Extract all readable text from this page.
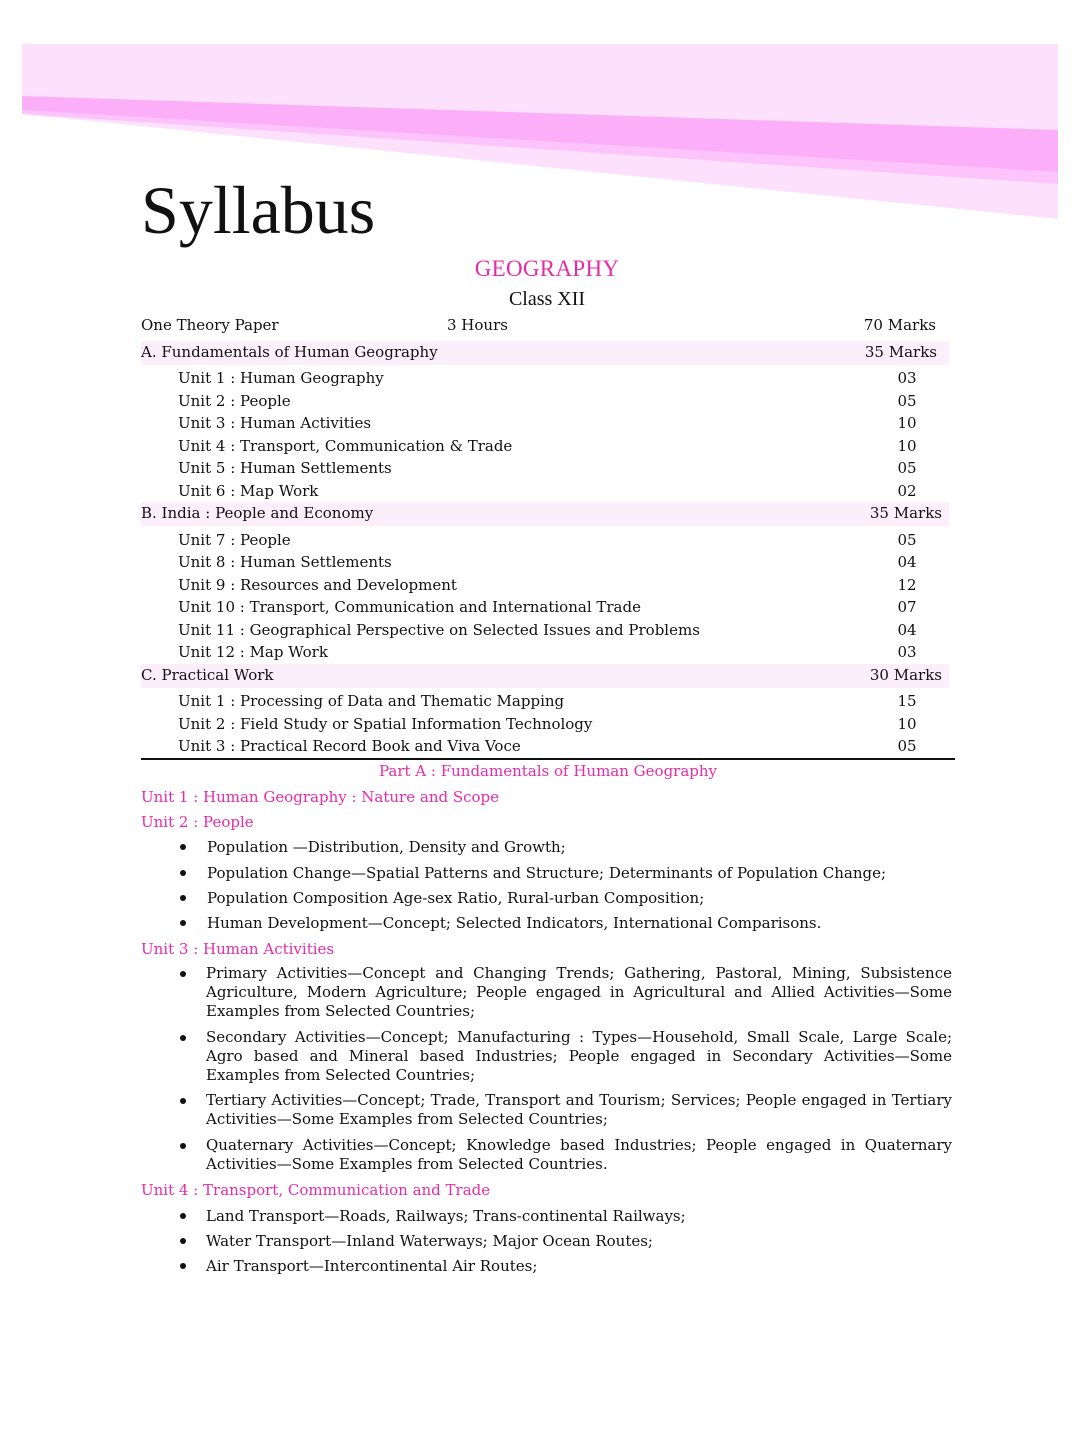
Syllabus
GEOGRAPHY
Class XII
One Theory Paper	3 Hours	70 Marks
A. Fundamentals of Human Geography	35 Marks
Unit 1 : Human Geography	03
Unit 2 : People	05
Unit 3 : Human Activities	10
Unit 4 : Transport, Communication & Trade	10
Unit 5 : Human Settlements	05
Unit 6 : Map Work	02
B. India : People and Economy	35 Marks
Unit 7 : People	05
Unit 8 : Human Settlements	04
Unit 9 : Resources and Development	12
Unit 10 : Transport, Communication and International Trade	07
Unit 11 : Geographical Perspective on Selected Issues and Problems	04
Unit 12 : Map Work	03
C. Practical Work	30 Marks
Unit 1 : Processing of Data and Thematic Mapping	15
Unit 2 : Field Study or Spatial Information Technology	10
Unit 3 : Practical Record Book and Viva Voce	05
Part A : Fundamentals of Human Geography
Unit 1 : Human Geography : Nature and Scope
Unit 2 : People
Population —Distribution, Density and Growth;
Population Change—Spatial Patterns and Structure; Determinants of Population Change;
Population Composition Age-sex Ratio, Rural-urban Composition;
Human Development—Concept; Selected Indicators, International Comparisons.
Unit 3 : Human Activities
Primary Activities—Concept and Changing Trends; Gathering, Pastoral, Mining, Subsistence Agriculture, Modern Agriculture; People engaged in Agricultural and Allied Activities—Some Examples from Selected Countries;
Secondary Activities—Concept; Manufacturing : Types—Household, Small Scale, Large Scale; Agro based and Mineral based Industries; People engaged in Secondary Activities—Some Examples from Selected Countries;
Tertiary Activities—Concept; Trade, Transport and Tourism; Services; People engaged in Tertiary Activities—Some Examples from Selected Countries;
Quaternary Activities—Concept; Knowledge based Industries; People engaged in Quaternary Activities—Some Examples from Selected Countries.
Unit 4 : Transport, Communication and Trade
Land Transport—Roads, Railways; Trans-continental Railways;
Water Transport—Inland Waterways; Major Ocean Routes;
Air Transport—Intercontinental Air Routes;
